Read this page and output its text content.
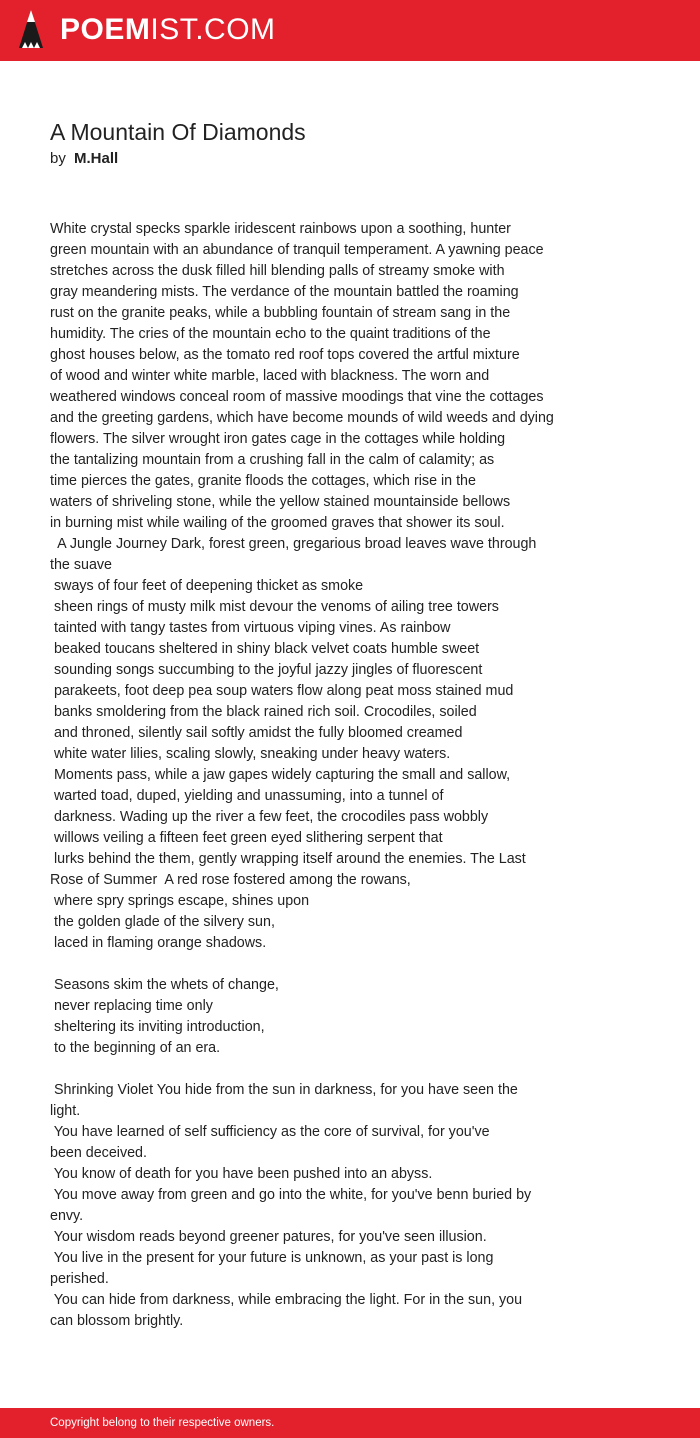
POEMIST.COM
A Mountain Of Diamonds
by M.Hall
White crystal specks sparkle iridescent rainbows upon a soothing, hunter
green mountain with an abundance of tranquil temperament. A yawning peace
stretches across the dusk filled hill blending palls of streamy smoke with
gray meandering mists. The verdance of the mountain battled the roaming
rust on the granite peaks, while a bubbling fountain of stream sang in the
humidity. The cries of the mountain echo to the quaint traditions of the
ghost houses below, as the tomato red roof tops covered the artful mixture
of wood and winter white marble, laced with blackness. The worn and
weathered windows conceal room of massive moodings that vine the cottages
and the greeting gardens, which have become mounds of wild weeds and dying
flowers. The silver wrought iron gates cage in the cottages while holding
the tantalizing mountain from a crushing fall in the calm of calamity; as
time pierces the gates, granite floods the cottages, which rise in the
waters of shriveling stone, while the yellow stained mountainside bellows
in burning mist while wailing of the groomed graves that shower its soul.
A Jungle Journey Dark, forest green, gregarious broad leaves wave through
the suave
sways of four feet of deepening thicket as smoke
sheen rings of musty milk mist devour the venoms of ailing tree towers
tainted with tangy tastes from virtuous viping vines. As rainbow
beaked toucans sheltered in shiny black velvet coats humble sweet
sounding songs succumbing to the joyful jazzy jingles of fluorescent
parakeets, foot deep pea soup waters flow along peat moss stained mud
banks smoldering from the black rained rich soil. Crocodiles, soiled
and throned, silently sail softly amidst the fully bloomed creamed
white water lilies, scaling slowly, sneaking under heavy waters.
Moments pass, while a jaw gapes widely capturing the small and sallow,
warted toad, duped, yielding and unassuming, into a tunnel of
darkness. Wading up the river a few feet, the crocodiles pass wobbly
willows veiling a fifteen feet green eyed slithering serpent that
lurks behind the them, gently wrapping itself around the enemies. The Last
Rose of Summer  A red rose fostered among the rowans,
where spry springs escape, shines upon
the golden glade of the silvery sun,
laced in flaming orange shadows.
Seasons skim the whets of change,
never replacing time only
sheltering its inviting introduction,
to the beginning of an era.
Shrinking Violet You hide from the sun in darkness, for you have seen the
light.
You have learned of self sufficiency as the core of survival, for you've
been deceived.
You know of death for you have been pushed into an abyss.
You move away from green and go into the white, for you've benn buried by
envy.
Your wisdom reads beyond greener patures, for you've seen illusion.
You live in the present for your future is unknown, as your past is long
perished.
You can hide from darkness, while embracing the light. For in the sun, you
can blossom brightly.
Copyright belong to their respective owners.
